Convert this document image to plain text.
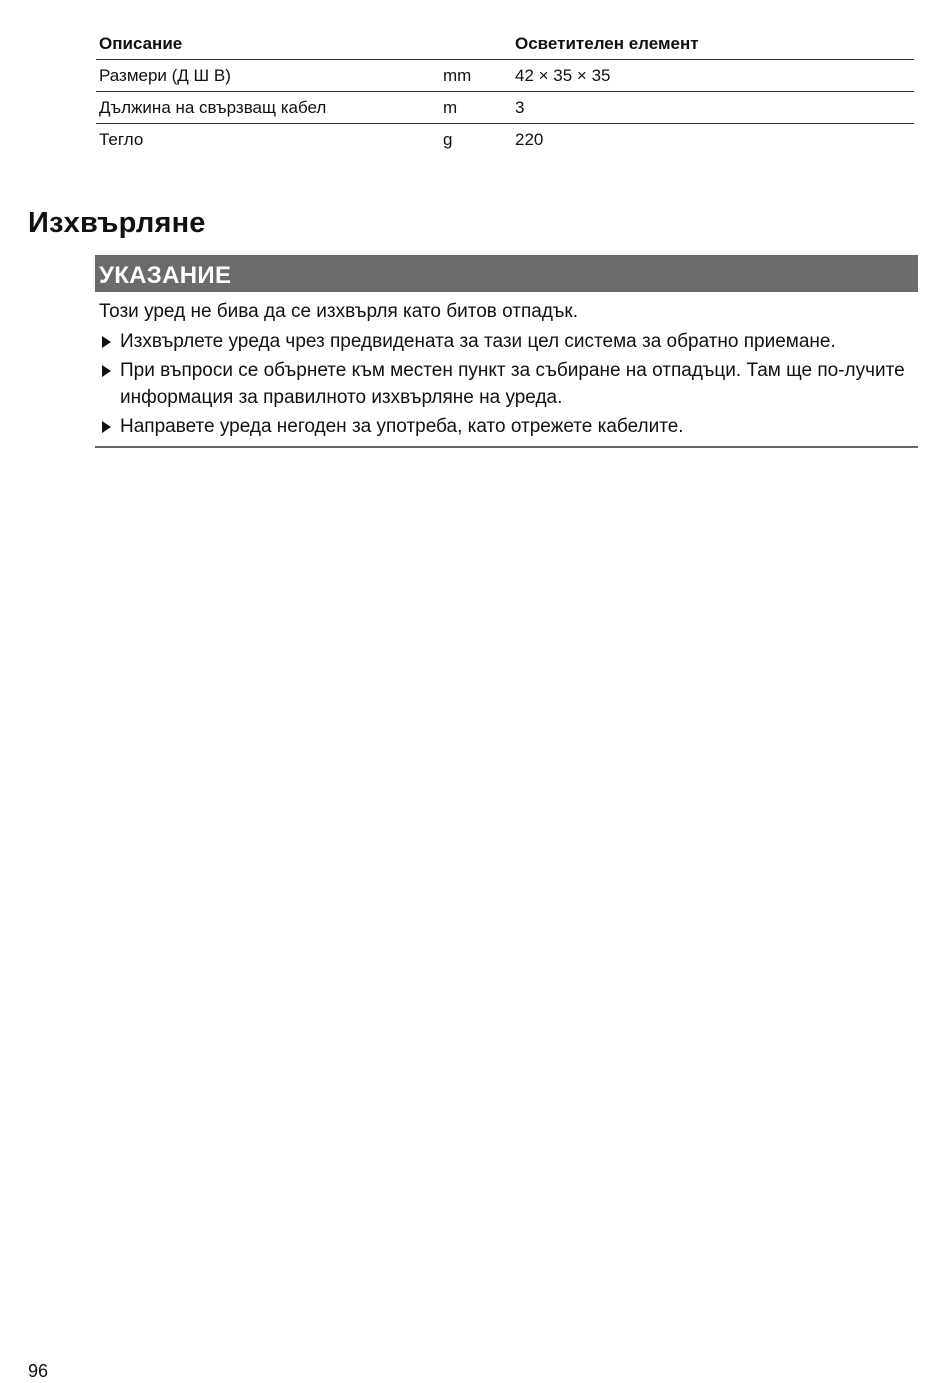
Описание		Осветителен елемент
Размери (Д Ш В)	mm	42 × 35 × 35
Дължина на свързващ кабел	m	3
Тегло	g	220
Изхвърляне
УКАЗАНИЕ

Този уред не бива да се изхвърля като битов отпадък.

Изхвърлете уреда чрез предвидената за тази цел система за обратно приемане.
При въпроси се обърнете към местен пункт за събиране на отпадъци. Там ще по-лучите информация за правилното изхвърляне на уреда.
Направете уреда негоден за употреба, като отрежете кабелите.
96
